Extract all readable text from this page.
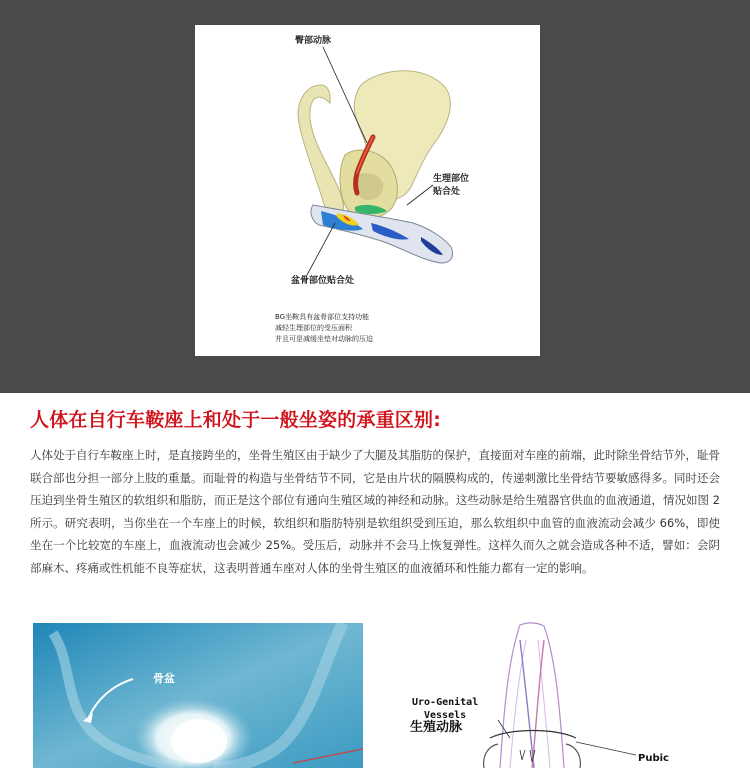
臀部动脉
生理部位
贴合处
盆骨部位贴合处
BG坐鞍具有盆骨部位支持功能
减轻生理部位的受压面积
并且可是减缓坐垫对动脉的压迫
人体在自行车鞍座上和处于一般坐姿的承重区别:
人体处于自行车鞍座上时，是直接跨坐的，坐骨生殖区由于缺少了大腿及其脂肪的保护，直接面对车座的前端，此时除坐骨结节外，耻骨联合部也分担一部分上肢的重量。而耻骨的构造与坐骨结节不同，它是由片状的隔膜构成的，传递刺激比坐骨结节要敏感得多。同时还会压迫到坐骨生殖区的软组织和脂肪，而正是这个部位有通向生殖区域的神经和动脉。这些动脉是给生殖器官供血的血液通道，情况如图 2 所示。研究表明，当你坐在一个车座上的时候，软组织和脂肪特别是软组织受到压迫，那么软组织中血管的血液流动会减少 66%，即使坐在一个比较宽的车座上，血液流动也会减少 25%。受压后，动脉并不会马上恢复弹性。这样久而久之就会造成各种不适，譬如：会阴部麻木、疼痛或性机能不良等症状，这表明普通车座对人体的坐骨生殖区的血液循环和性能力都有一定的影响。
骨盆
Uro-Genital
Vessels
生殖动脉
Pubic
